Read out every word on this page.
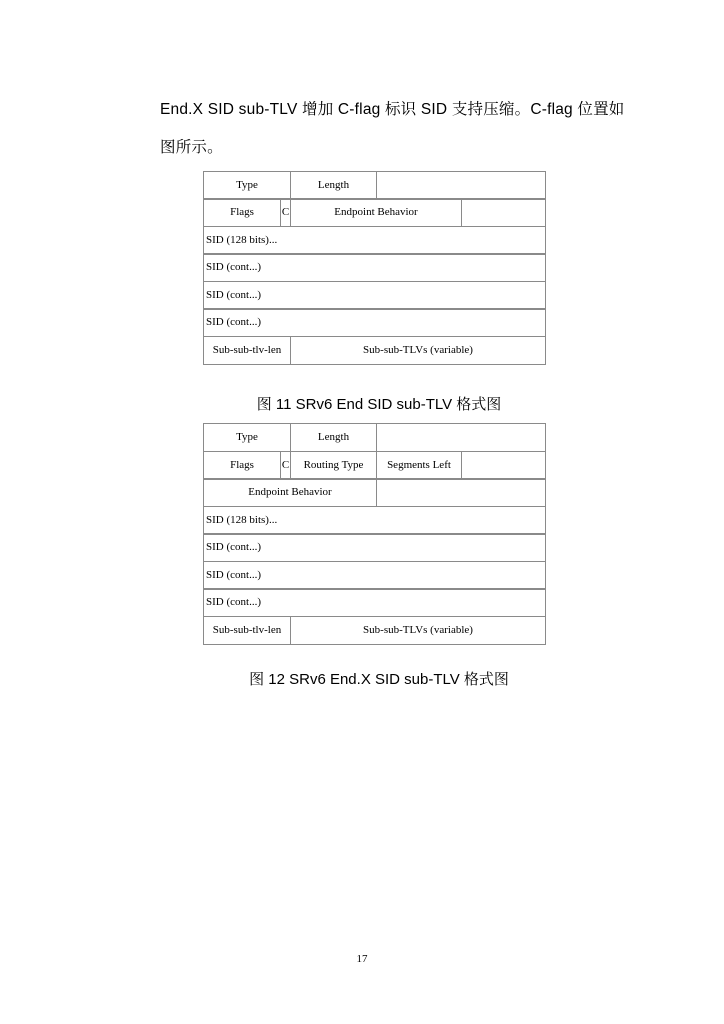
End.X SID sub-TLV 增加 C-flag 标识 SID 支持压缩。C-flag 位置如
图所示。
Type	Length
Flags	C	Endpoint Behavior
SID (128 bits)...
SID (cont...)
SID (cont...)
SID (cont...)
Sub-sub-tlv-len	Sub-sub-TLVs (variable)
图 11 SRv6 End SID sub-TLV 格式图
Type	Length
Flags	C	Routing Type	Segments Left
Endpoint Behavior
SID (128 bits)...
SID (cont...)
SID (cont...)
SID (cont...)
Sub-sub-tlv-len	Sub-sub-TLVs (variable)
图 12 SRv6 End.X SID sub-TLV 格式图
17
